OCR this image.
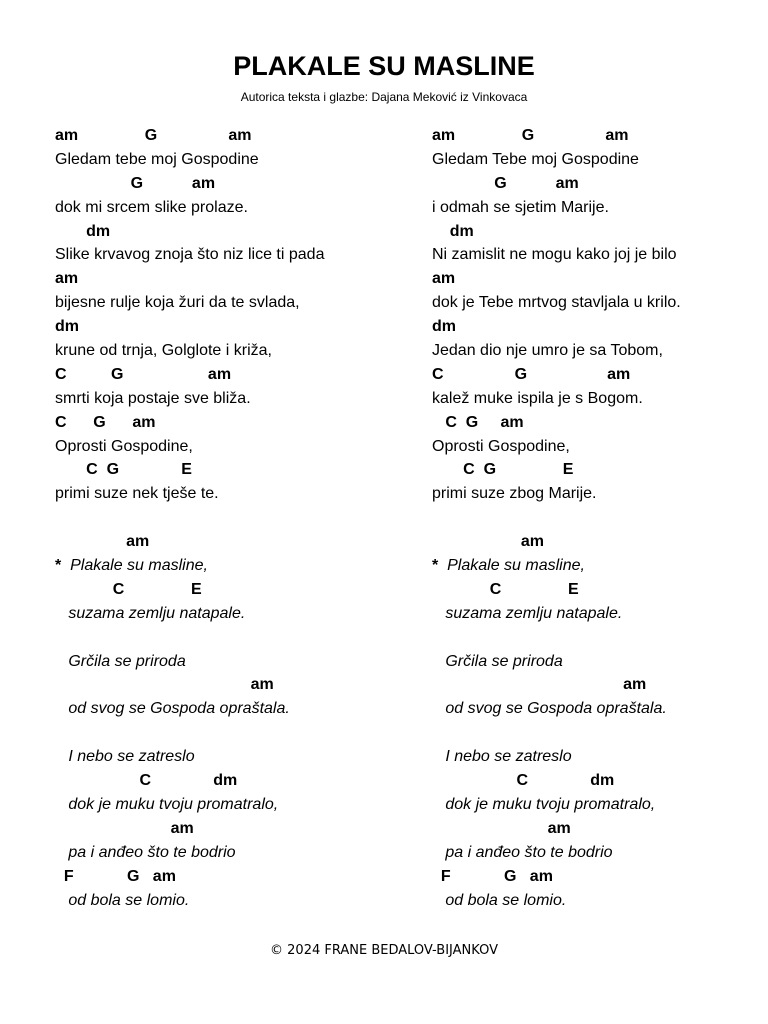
PLAKALE SU MASLINE
Autorica teksta i glazbe: Dajana Meković iz Vinkovaca
am               G                am
Gledam tebe moj Gospodine
G           am
dok mi srcem slike prolaze.
dm
Slike krvavog znoja što niz lice ti pada
am
bijesne rulje koja žuri da te svlada,
dm
krune od trnja, Golglote i križa,
C          G                   am
smrti koja postaje sve bliža.
C      G      am
Oprosti Gospodine,
C  G              E
primi suze nek tješe te.
am
*  Plakale su masline,
C               E
suzama zemlju natapale.
Grčila se priroda
am
od svog se Gospoda opraštala.
I nebo se zatreslo
C              dm
dok je muku tvoju promatralo,
am
pa i anđeo što te bodrio
F            G   am
od bola se lomio.
am               G                am
Gledam Tebe moj Gospodine
G           am
i odmah se sjetim Marije.
dm
Ni zamislit ne mogu kako joj je bilo
am
dok je Tebe mrtvog stavljala u krilo.
dm
Jedan dio nje umro je sa Tobom,
C                G                  am
kalež muke ispila je s Bogom.
C  G     am
Oprosti Gospodine,
C  G               E
primi suze zbog Marije.
am
*  Plakale su masline,
C               E
suzama zemlju natapale.
Grčila se priroda
am
od svog se Gospoda opraštala.
I nebo se zatreslo
C              dm
dok je muku tvoju promatralo,
am
pa i anđeo što te bodrio
F            G   am
od bola se lomio.
© 2024 FRANE BEDALOV-BIJANKOV
